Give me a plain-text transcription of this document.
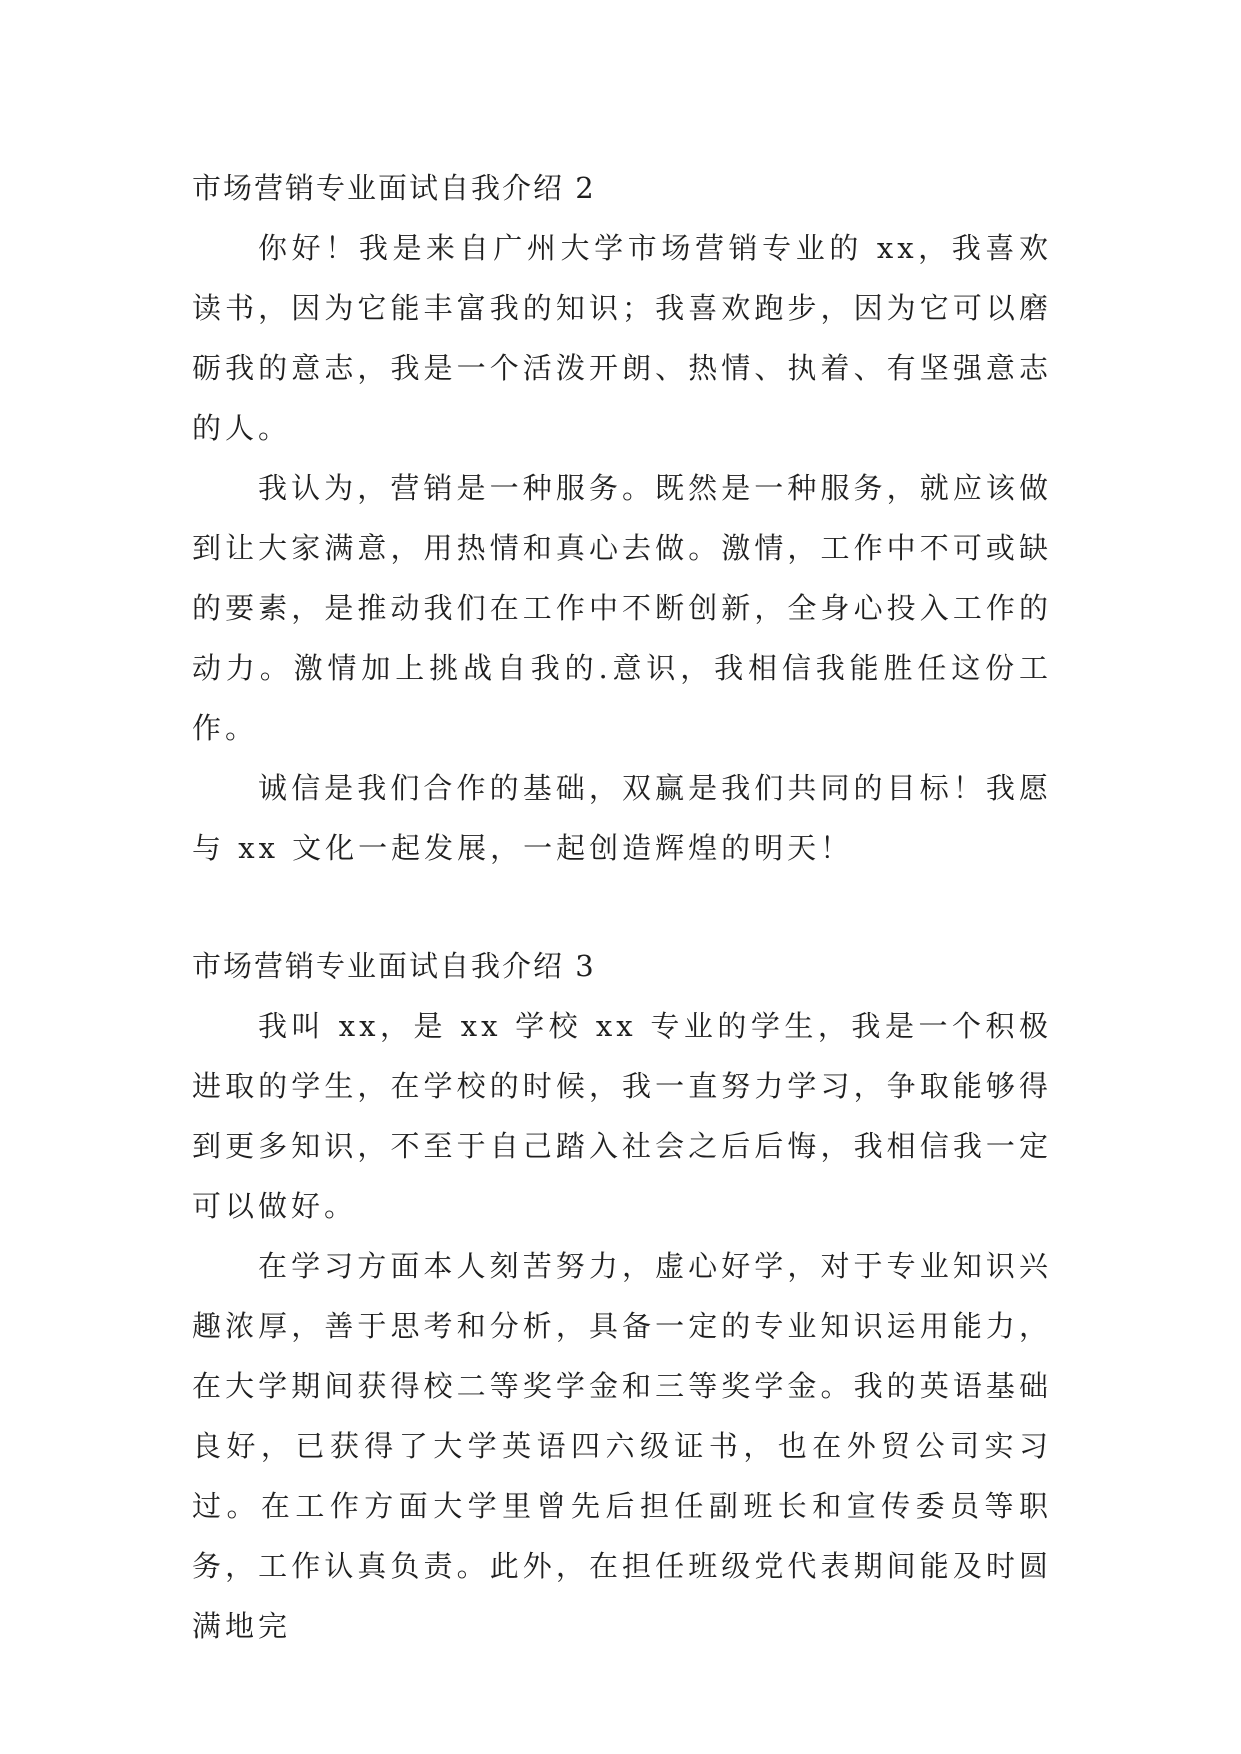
市场营销专业面试自我介绍 2

你好！我是来自广州大学市场营销专业的 xx，我喜欢读书，因为它能丰富我的知识；我喜欢跑步，因为它可以磨砺我的意志，我是一个活泼开朗、热情、执着、有坚强意志的人。

我认为，营销是一种服务。既然是一种服务，就应该做到让大家满意，用热情和真心去做。激情，工作中不可或缺的要素，是推动我们在工作中不断创新，全身心投入工作的动力。激情加上挑战自我的.意识，我相信我能胜任这份工作。

诚信是我们合作的基础，双赢是我们共同的目标！我愿与 xx 文化一起发展，一起创造辉煌的明天！

市场营销专业面试自我介绍 3

我叫 xx，是 xx 学校 xx 专业的学生，我是一个积极进取的学生，在学校的时候，我一直努力学习，争取能够得到更多知识，不至于自己踏入社会之后后悔，我相信我一定可以做好。

在学习方面本人刻苦努力，虚心好学，对于专业知识兴趣浓厚，善于思考和分析，具备一定的专业知识运用能力，在大学期间获得校二等奖学金和三等奖学金。我的英语基础良好，已获得了大学英语四六级证书，也在外贸公司实习过。在工作方面大学里曾先后担任副班长和宣传委员等职务，工作认真负责。此外，在担任班级党代表期间能及时圆满地完
